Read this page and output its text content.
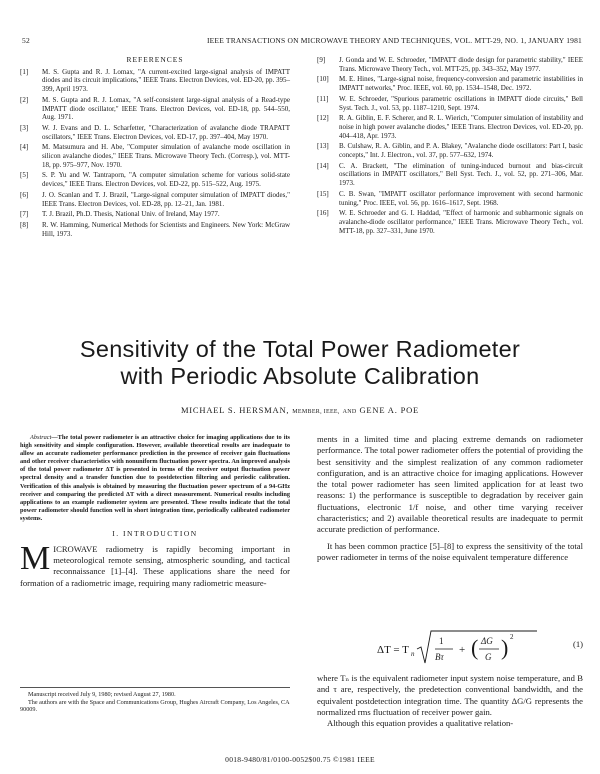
52	IEEE TRANSACTIONS ON MICROWAVE THEORY AND TECHNIQUES, VOL. MTT-29, NO. 1, JANUARY 1981
REFERENCES
[1]	M. S. Gupta and R. J. Lomax, "A current-excited large-signal analysis of IMPATT diodes and its circuit implications," IEEE Trans. Electron Devices, vol. ED-20, pp. 395–399, April 1973.
[2]	M. S. Gupta and R. J. Lomax, "A self-consistent large-signal analysis of a Read-type IMPATT diode oscillator," IEEE Trans. Electron Devices, vol. ED-18, pp. 544–550, Aug. 1971.
[3]	W. J. Evans and D. L. Scharfetter, "Characterization of avalanche diode TRAPATT oscillators," IEEE Trans. Electron Devices, vol. ED-17, pp. 397–404, May 1970.
[4]	M. Matsumura and H. Abe, "Computer simulation of avalanche mode oscillation in silicon avalanche diodes," IEEE Trans. Microwave Theory Tech. (Corresp.), vol. MTT-18, pp. 975–977, Nov. 1970.
[5]	S. P. Yu and W. Tantraporn, "A computer simulation scheme for various solid-state devices," IEEE Trans. Electron Devices, vol. ED-22, pp. 515–522, Aug. 1975.
[6]	J. O. Scanlan and T. J. Brazil, "Large-signal computer simulation of IMPATT diodes," IEEE Trans. Electron Devices, vol. ED-28, pp. 12–21, Jan. 1981.
[7]	T. J. Brazil, Ph.D. Thesis, National Univ. of Ireland, May 1977.
[8]	R. W. Hamming, Numerical Methods for Scientists and Engineers. New York: McGraw Hill, 1973.
[9]	J. Gonda and W. E. Schroeder, "IMPATT diode design for parametric stability," IEEE Trans. Microwave Theory Tech., vol. MTT-25, pp. 343–352, May 1977.
[10]	M. E. Hines, "Large-signal noise, frequency-conversion and parametric instabilities in IMPATT networks," Proc. IEEE, vol. 60, pp. 1534–1548, Dec. 1972.
[11]	W. E. Schroeder, "Spurious parametric oscillations in IMPATT diode circuits," Bell Syst. Tech. J., vol. 53, pp. 1187–1210, Sept. 1974.
[12]	R. A. Giblin, E. F. Scherer, and R. L. Wierich, "Computer simulation of instability and noise in high power avalanche diodes," IEEE Trans. Electron Devices, vol. ED-20, pp. 404–418, Apr. 1973.
[13]	B. Culshaw, R. A. Giblin, and P. A. Blakey, "Avalanche diode oscillators: Part I, basic concepts," Int. J. Electron., vol. 37, pp. 577–632, 1974.
[14]	C. A. Brackett, "The elimination of tuning-induced burnout and bias-circuit oscillations in IMPATT oscillators," Bell Syst. Tech. J., vol. 52, pp. 271–306, Mar. 1973.
[15]	C. B. Swan, "IMPATT oscillator performance improvement with second harmonic tuning," Proc. IEEE, vol. 56, pp. 1616–1617, Sept. 1968.
[16]	W. E. Schroeder and G. I. Haddad, "Effect of harmonic and subharmonic signals on avalanche-diode oscillator performance," IEEE Trans. Microwave Theory Tech., vol. MTT-18, pp. 327–331, June 1970.
Sensitivity of the Total Power Radiometer
with Periodic Absolute Calibration
MICHAEL S. HERSMAN, MEMBER, IEEE, AND GENE A. POE

Abstract—The total power radiometer is an attractive choice for imaging applications due to its high sensitivity and simple configuration. However, available theoretical results are inadequate to allow an accurate radiometer performance prediction in the presence of receiver gain fluctuations and other receiver characteristics with nonuniform fluctuation power spectra. An improved analysis of the total power radiometer ΔT is presented in terms of the receiver output fluctuation power spectral density and a transfer function due to postdetection filtering and periodic calibration. Verification of this analysis is obtained by measuring the fluctuation power spectrum of a 94-GHz receiver and comparing the predicted ΔT with a direct measurement. Numerical results including applications to an example radiometer system are presented. These results indicate that the total power radiometer should function well in short integration time, periodically calibrated radiometer systems.

I. INTRODUCTION

MICROWAVE radiometry is rapidly becoming important in meteorological remote sensing, atmospheric sounding, and tactical reconnaissance [1]–[4]. These applications share the need for formation of a radiometric image, requiring many radiometric measure-

Manuscript received July 9, 1980; revised August 27, 1980.
The authors are with the Space and Communications Group, Hughes Aircraft Company, Los Angeles, CA 90009.

ments in a limited time and placing extreme demands on radiometer performance. The total power radiometer offers the potential of providing the best sensitivity and the simplest realization of any common radiometer configuration, and is an attractive choice for imaging applications. However the total power radiometer has seen limited application for at least two reasons: 1) the performance is susceptible to degradation by receiver gain fluctuations, electronic 1/f noise, and other time varying receiver characteristics; and 2) available theoretical results are inadequate to permit accurate prediction of performance.

It has been common practice [5]–[8] to express the sensitivity of the total power radiometer in terms of the noise equivalent temperature difference

ΔT = T n
1
Bτ
+ ( ΔG
G ) 2
(1)

where Tₙ is the equivalent radiometer input system noise temperature, and B and τ are, respectively, the predetection conventional bandwidth, and the equivalent postdetection integration time. The quantity ΔG/G represents the normalized rms fluctuation of receiver power gain.

Although this equation provides a qualitative relation-

0018-9480/81/0100-0052$00.75 ©1981 IEEE
